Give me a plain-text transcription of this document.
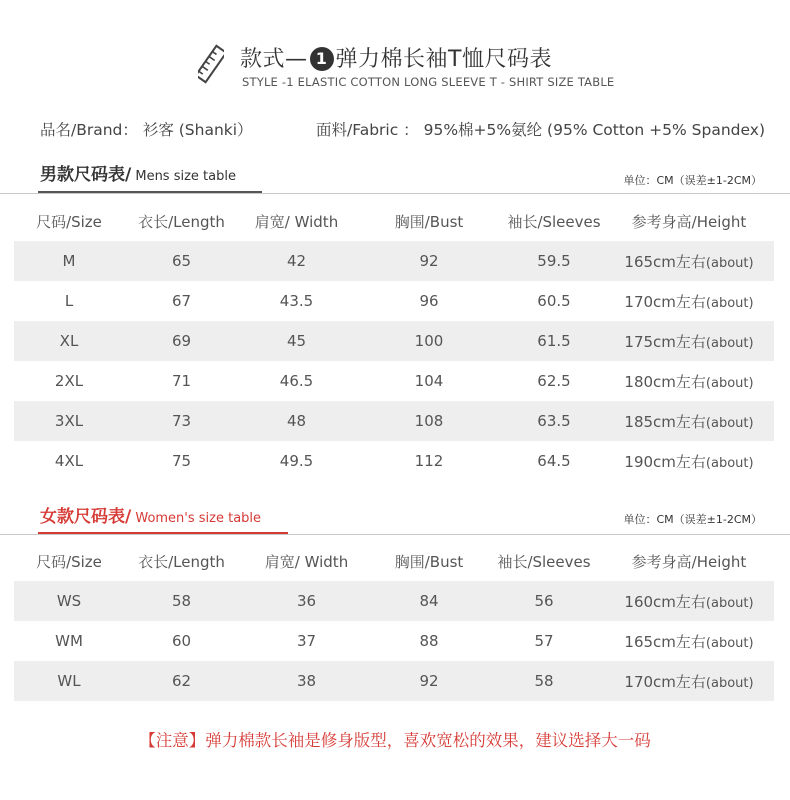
款式— 1 弹力棉长袖T恤尺码表
STYLE -1 ELASTIC COTTON LONG SLEEVE T - SHIRT SIZE TABLE
品名/Brand： 衫客 (Shanki）	面料/Fabric ： 95%棉+5%氨纶 (95% Cotton +5% Spandex)
男款尺码表/ Mens size table	单位：CM（误差±1-2CM）
尺码/Size	衣长/Length	肩宽/ Width	胸围/Bust	袖长/Sleeves	参考身高/Height
M	65	42	92	59.5	165cm左右(about)
L	67	43.5	96	60.5	170cm左右(about)
XL	69	45	100	61.5	175cm左右(about)
2XL	71	46.5	104	62.5	180cm左右(about)
3XL	73	48	108	63.5	185cm左右(about)
4XL	75	49.5	112	64.5	190cm左右(about)
女款尺码表/ Women's size table	单位：CM（误差±1-2CM）
尺码/Size	衣长/Length	肩宽/ Width	胸围/Bust	袖长/Sleeves	参考身高/Height
WS	58	36	84	56	160cm左右(about)
WM	60	37	88	57	165cm左右(about)
WL	62	38	92	58	170cm左右(about)
【注意】弹力棉款长袖是修身版型，喜欢宽松的效果，建议选择大一码
